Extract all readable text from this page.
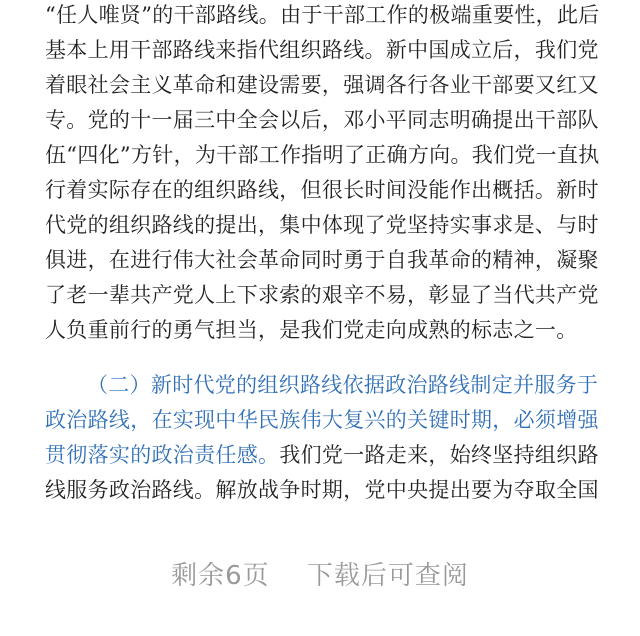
“任人唯贤”的干部路线。由于干部工作的极端重要性，此后
基本上用干部路线来指代组织路线。新中国成立后，我们党
着眼社会主义革命和建设需要，强调各行各业干部要又红又
专。党的十一届三中全会以后，邓小平同志明确提出干部队
伍“四化”方针，为干部工作指明了正确方向。我们党一直执
行着实际存在的组织路线，但很长时间没能作出概括。新时
代党的组织路线的提出，集中体现了党坚持实事求是、与时
俱进，在进行伟大社会革命同时勇于自我革命的精神，凝聚
了老一辈共产党人上下求索的艰辛不易，彰显了当代共产党
人负重前行的勇气担当，是我们党走向成熟的标志之一。
（二）新时代党的组织路线依据政治路线制定并服务于
政治路线，在实现中华民族伟大复兴的关键时期，必须增强
贯彻落实的政治责任感。我们党一路走来，始终坚持组织路
线服务政治路线。解放战争时期，党中央提出要为夺取全国
剩余6页 下载后可查阅
